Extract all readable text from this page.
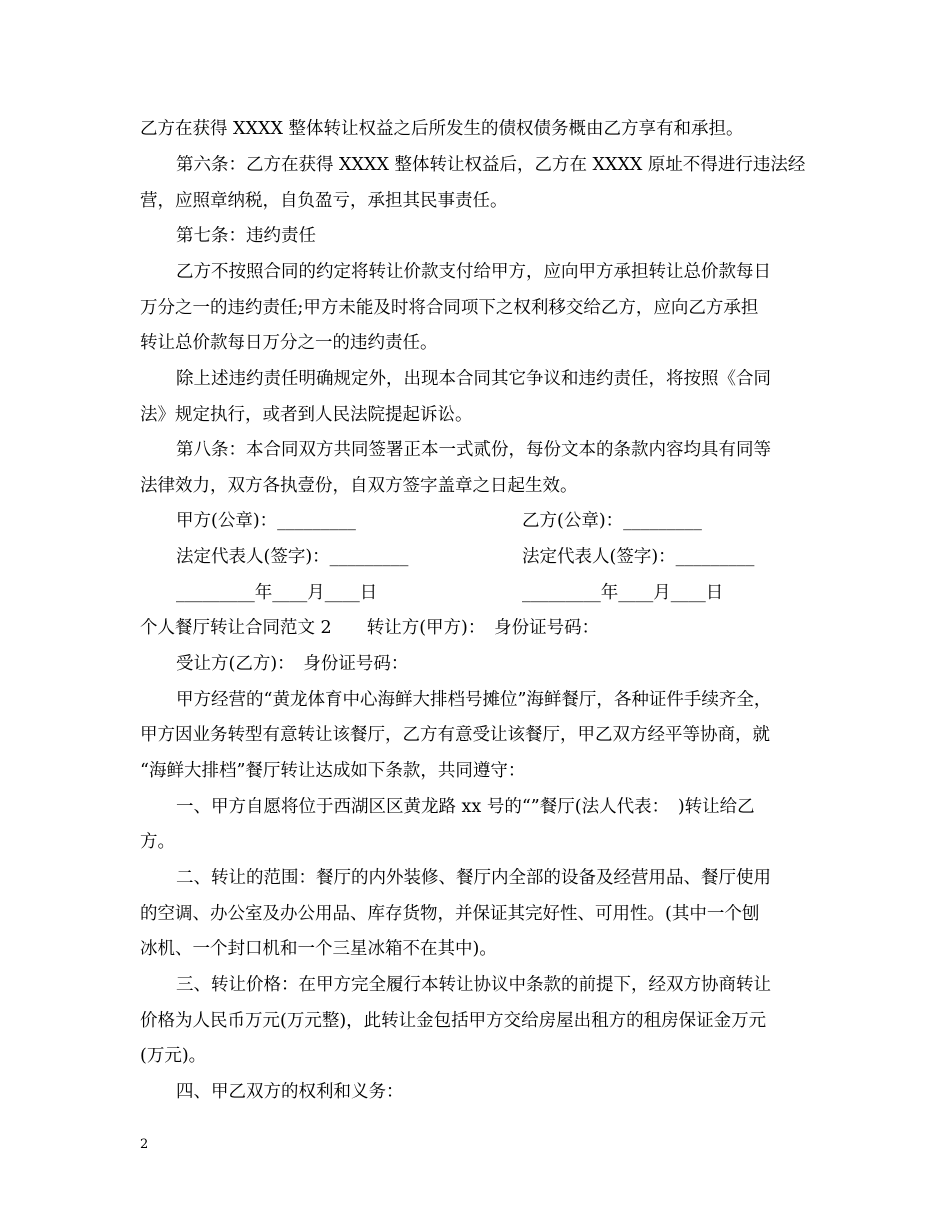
乙方在获得 XXXX 整体转让权益之后所发生的债权债务概由乙方享有和承担。
第六条：乙方在获得 XXXX 整体转让权益后，乙方在 XXXX 原址不得进行违法经
营，应照章纳税，自负盈亏，承担其民事责任。
第七条：违约责任
乙方不按照合同的约定将转让价款支付给甲方，应向甲方承担转让总价款每日
万分之一的违约责任;甲方未能及时将合同项下之权利移交给乙方，应向乙方承担
转让总价款每日万分之一的违约责任。
除上述违约责任明确规定外，出现本合同其它争议和违约责任，将按照《合同
法》规定执行，或者到人民法院提起诉讼。
第八条：本合同双方共同签署正本一式贰份，每份文本的条款内容均具有同等
法律效力，双方各执壹份，自双方签字盖章之日起生效。
甲方(公章)：_________	乙方(公章)：_________
法定代表人(签字)：_________	法定代表人(签字)：_________
_________年____月____日	_________年____月____日
个人餐厅转让合同范文 2　　转让方(甲方)：　身份证号码：
受让方(乙方)：　身份证号码：
甲方经营的“黄龙体育中心海鲜大排档号摊位”海鲜餐厅，各种证件手续齐全，
甲方因业务转型有意转让该餐厅，乙方有意受让该餐厅，甲乙双方经平等协商，就
“海鲜大排档”餐厅转让达成如下条款，共同遵守：
一、甲方自愿将位于西湖区区黄龙路 xx 号的“”餐厅(法人代表：　)转让给乙
方。
二、转让的范围：餐厅的内外装修、餐厅内全部的设备及经营用品、餐厅使用
的空调、办公室及办公用品、库存货物，并保证其完好性、可用性。(其中一个刨
冰机、一个封口机和一个三星冰箱不在其中)。
三、转让价格：在甲方完全履行本转让协议中条款的前提下，经双方协商转让
价格为人民币万元(万元整)，此转让金包括甲方交给房屋出租方的租房保证金万元
(万元)。
四、甲乙双方的权利和义务：
2
